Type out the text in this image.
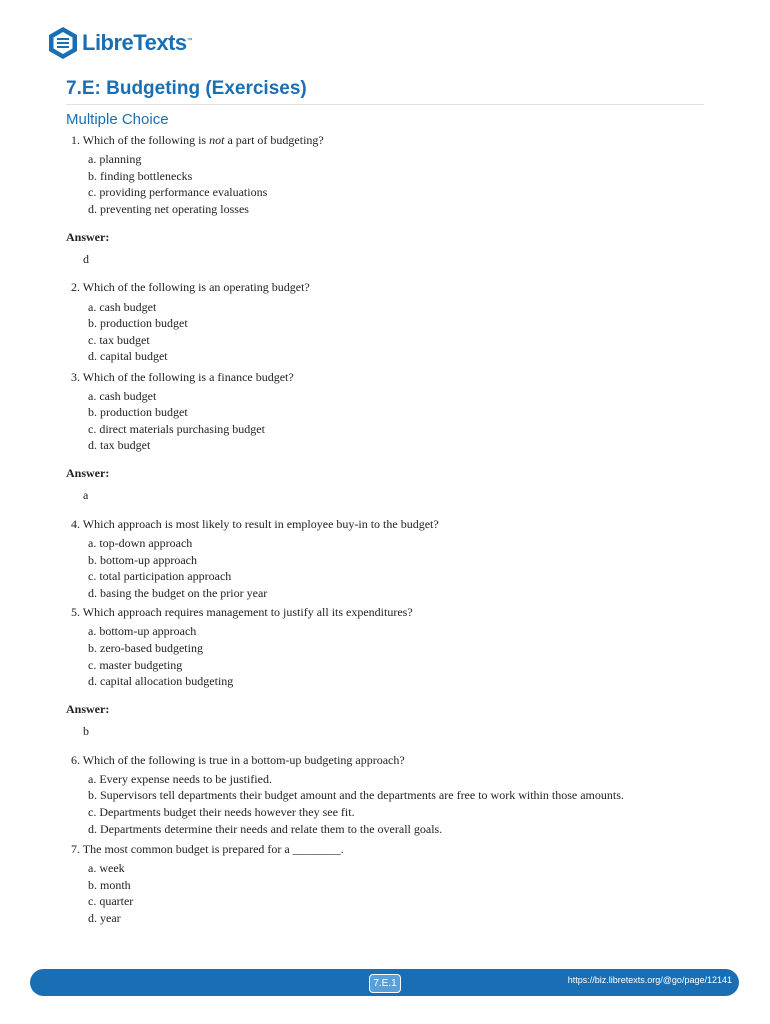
LibreTexts ™
7.E: Budgeting (Exercises)
Multiple Choice
1. Which of the following is not a part of budgeting?
a. planning
b. finding bottlenecks
c. providing performance evaluations
d. preventing net operating losses
Answer:
d
2. Which of the following is an operating budget?
a. cash budget
b. production budget
c. tax budget
d. capital budget
3. Which of the following is a finance budget?
a. cash budget
b. production budget
c. direct materials purchasing budget
d. tax budget
Answer:
a
4. Which approach is most likely to result in employee buy-in to the budget?
a. top-down approach
b. bottom-up approach
c. total participation approach
d. basing the budget on the prior year
5. Which approach requires management to justify all its expenditures?
a. bottom-up approach
b. zero-based budgeting
c. master budgeting
d. capital allocation budgeting
Answer:
b
6. Which of the following is true in a bottom-up budgeting approach?
a. Every expense needs to be justified.
b. Supervisors tell departments their budget amount and the departments are free to work within those amounts.
c. Departments budget their needs however they see fit.
d. Departments determine their needs and relate them to the overall goals.
7. The most common budget is prepared for a ________.
a. week
b. month
c. quarter
d. year
7.E.1	https://biz.libretexts.org/@go/page/12141
